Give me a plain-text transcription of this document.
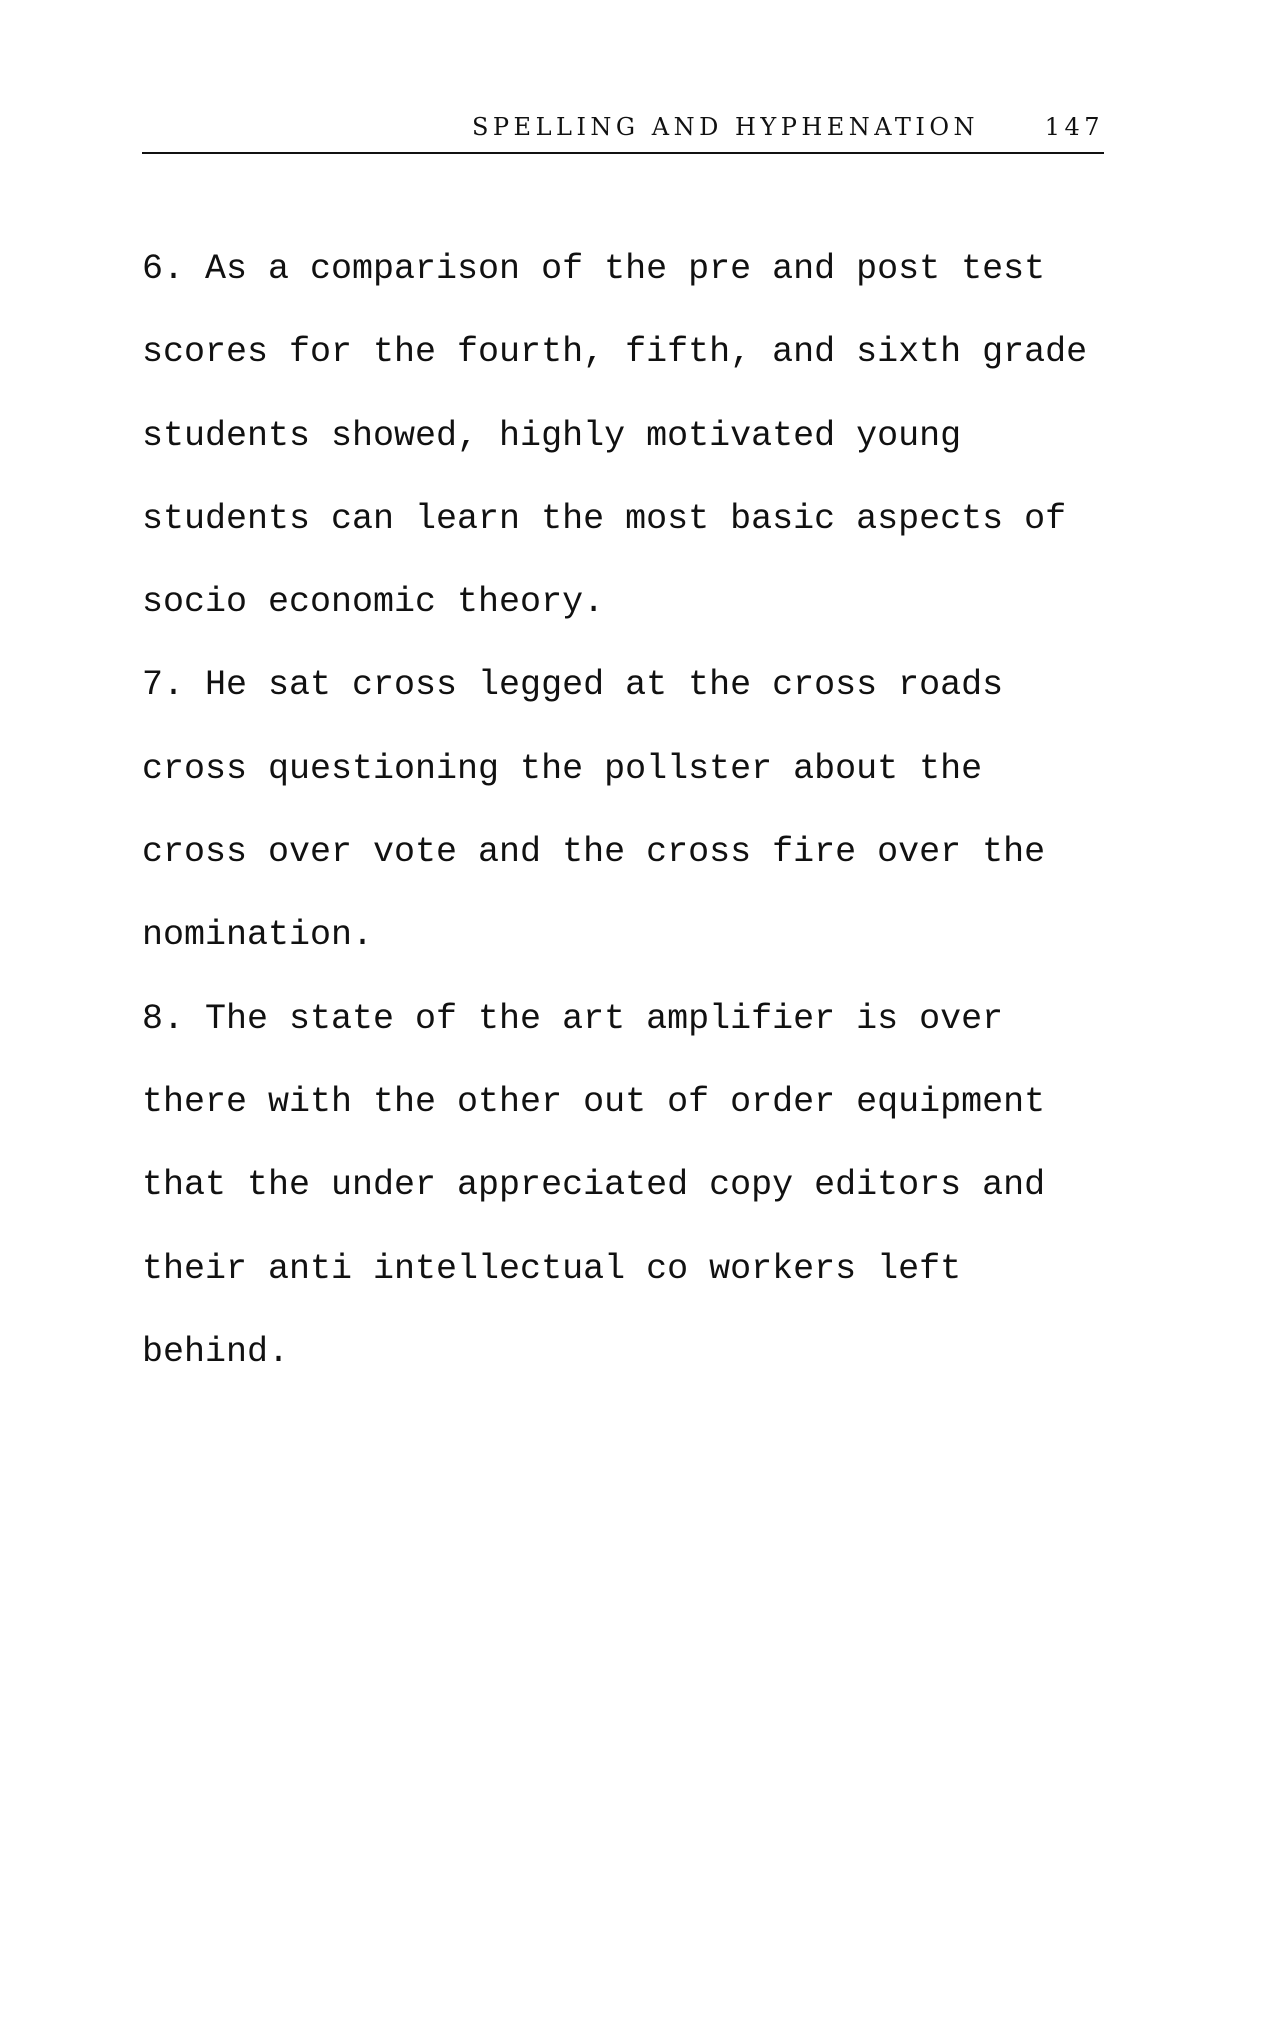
SPELLING AND HYPHENATION	147
6. As a comparison of the pre and post test
scores for the fourth, fifth, and sixth grade
students showed, highly motivated young
students can learn the most basic aspects of
socio economic theory.
7. He sat cross legged at the cross roads
cross questioning the pollster about the
cross over vote and the cross fire over the
nomination.
8. The state of the art amplifier is over
there with the other out of order equipment
that the under appreciated copy editors and
their anti intellectual co workers left
behind.
